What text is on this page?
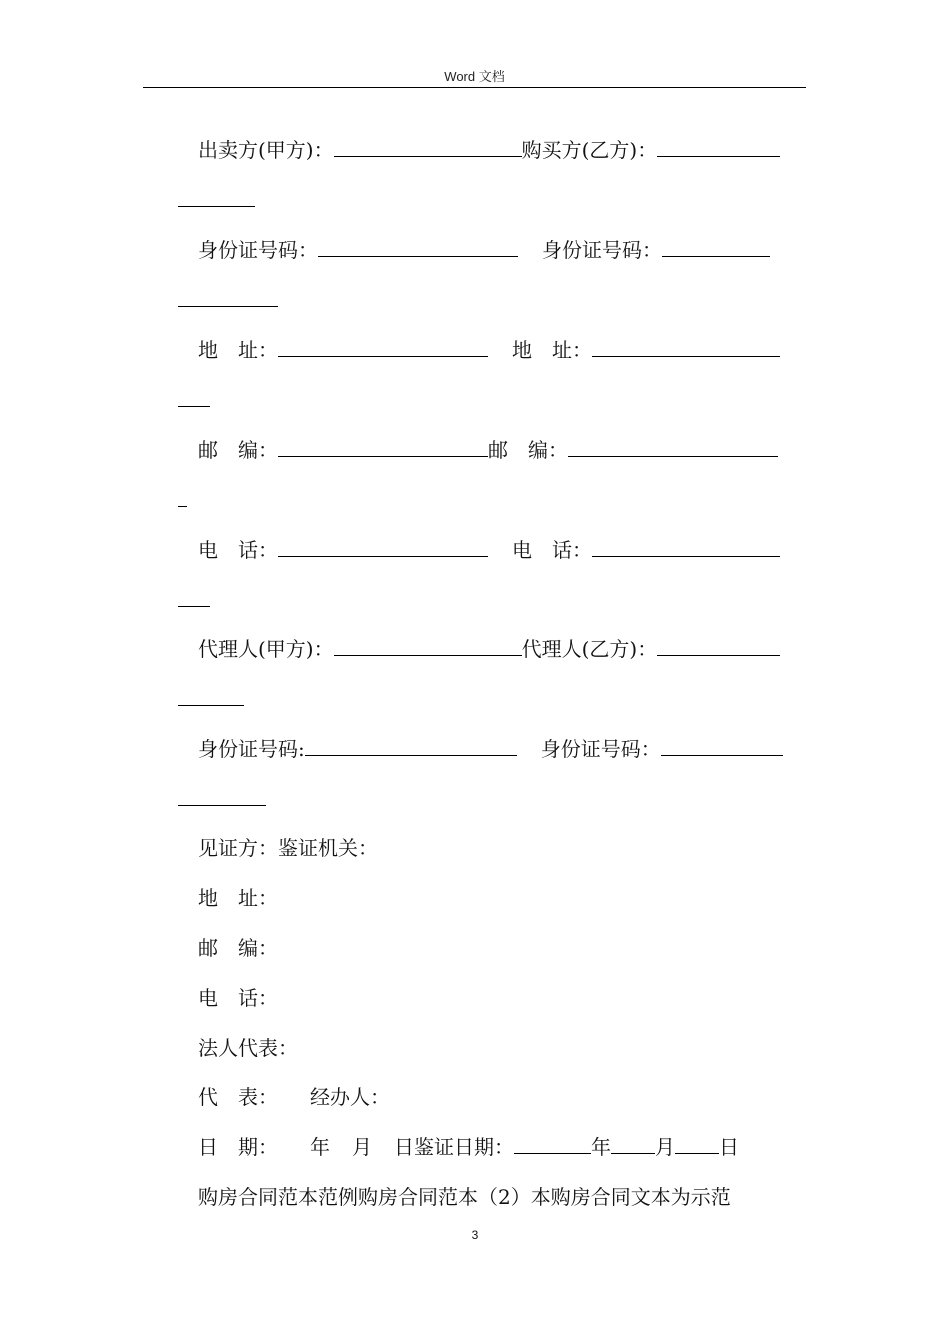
Word 文档
出卖方(甲方)：	购买方(乙方)：
身份证号码：	身份证号码：
地　址：	地　址：
邮　编：	邮　编：
电　话：	电　话：
代理人(甲方)：	代理人(乙方)：
身份证号码:	身份证号码：
见证方：鉴证机关：
地　址：
邮　编：
电　话：
法人代表：
代　表： 经办人：
日　期： 年 月 日鉴证日期：	年 月 日
购房合同范本范例购房合同范本（2）本购房合同文本为示范
3
